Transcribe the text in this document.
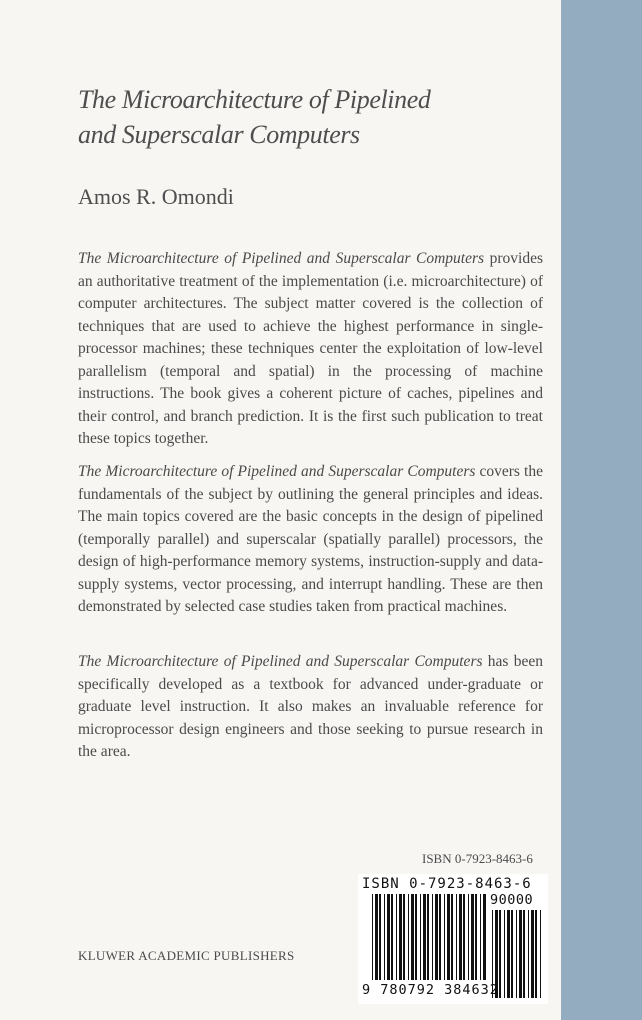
The Microarchitecture of Pipelined
and Superscalar Computers
Amos R. Omondi
The Microarchitecture of Pipelined and Superscalar Computers provides an authoritative treatment of the implementation (i.e. microarchitecture) of computer architectures. The subject matter covered is the collection of techniques that are used to achieve the highest performance in single-processor machines; these techniques center the exploitation of low-level parallelism (temporal and spatial) in the processing of machine instructions. The book gives a coherent picture of caches, pipelines and their control, and branch prediction. It is the first such publication to treat these topics together.
The Microarchitecture of Pipelined and Superscalar Computers covers the fundamentals of the subject by outlining the general principles and ideas. The main topics covered are the basic concepts in the design of pipelined (temporally parallel) and superscalar (spatially parallel) processors, the design of high-performance memory systems, instruction-supply and data-supply systems, vector processing, and interrupt handling. These are then demonstrated by selected case studies taken from practical machines.
The Microarchitecture of Pipelined and Superscalar Computers has been specifically developed as a textbook for advanced under-graduate or graduate level instruction. It also makes an invaluable reference for microprocessor design engineers and those seeking to pursue research in the area.
ISBN 0-7923-8463-6
KLUWER ACADEMIC PUBLISHERS
ISBN 0-7923-8463-6
90000
9 780792 384632
